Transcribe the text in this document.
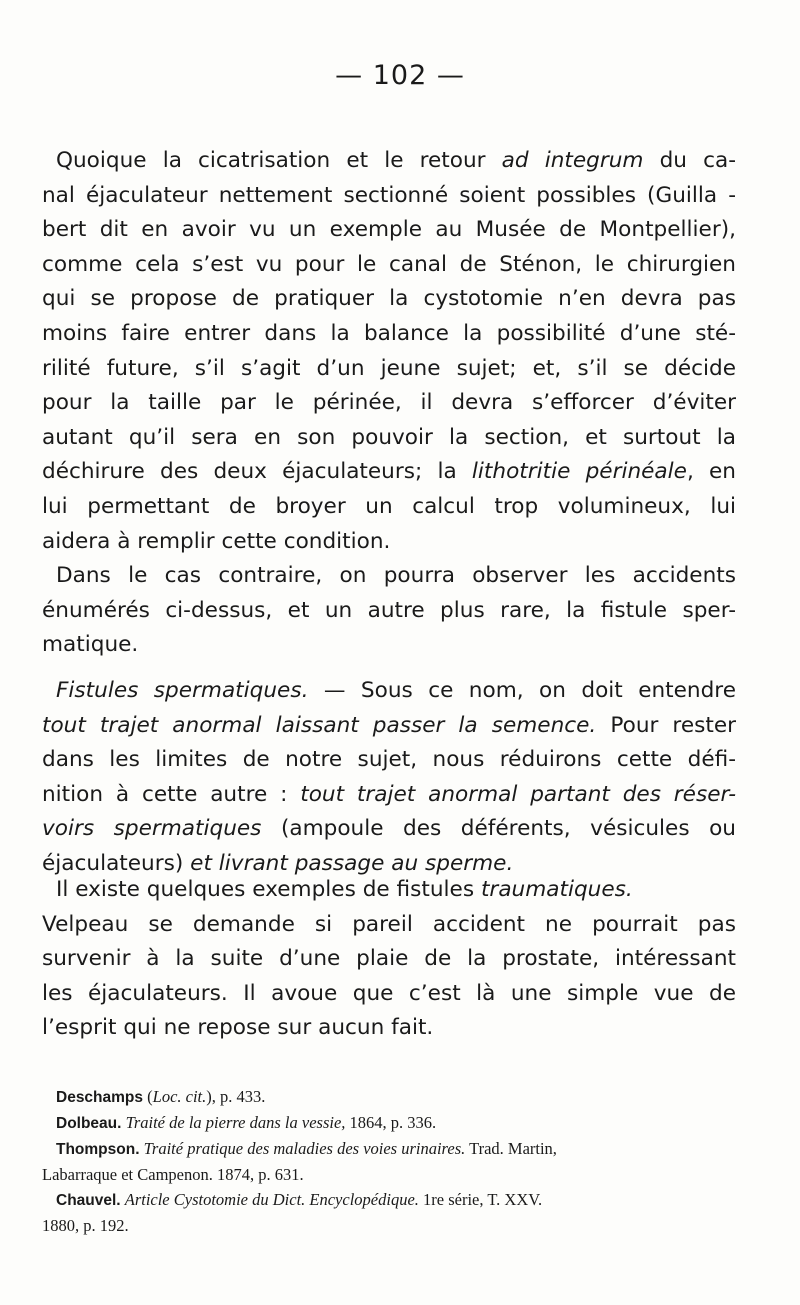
— 102 —
Quoique la cicatrisation et le retour ad integrum du ca-
nal éjaculateur nettement sectionné soient possibles (Guilla -
bert dit en avoir vu un exemple au Musée de Montpellier),
comme cela s’est vu pour le canal de Sténon, le chirurgien
qui se propose de pratiquer la cystotomie n’en devra pas
moins faire entrer dans la balance la possibilité d’une sté-
rilité future, s’il s’agit d’un jeune sujet; et, s’il se décide
pour la taille par le périnée, il devra s’efforcer d’éviter
autant qu’il sera en son pouvoir la section, et surtout la
déchirure des deux éjaculateurs; la lithotritie périnéale, en
lui permettant de broyer un calcul trop volumineux, lui
aidera à remplir cette condition.
Dans le cas contraire, on pourra observer les accidents
énumérés ci-dessus, et un autre plus rare, la fistule sper-
matique.
Fistules spermatiques. — Sous ce nom, on doit entendre
tout trajet anormal laissant passer la semence. Pour rester
dans les limites de notre sujet, nous réduirons cette défi-
nition à cette autre : tout trajet anormal partant des réser-
voirs spermatiques (ampoule des déférents, vésicules ou
éjaculateurs) et livrant passage au sperme.
Il existe quelques exemples de fistules traumatiques.
Velpeau se demande si pareil accident ne pourrait pas
survenir à la suite d’une plaie de la prostate, intéressant
les éjaculateurs. Il avoue que c’est là une simple vue de
l’esprit qui ne repose sur aucun fait.
Deschamps (Loc. cit.), p. 433.
Dolbeau. Traité de la pierre dans la vessie, 1864, p. 336.
Thompson. Traité pratique des maladies des voies urinaires. Trad. Martin,
Labarraque et Campenon. 1874, p. 631.
Chauvel. Article Cystotomie du Dict. Encyclopédique. 1re série, T. XXV.
1880, p. 192.
